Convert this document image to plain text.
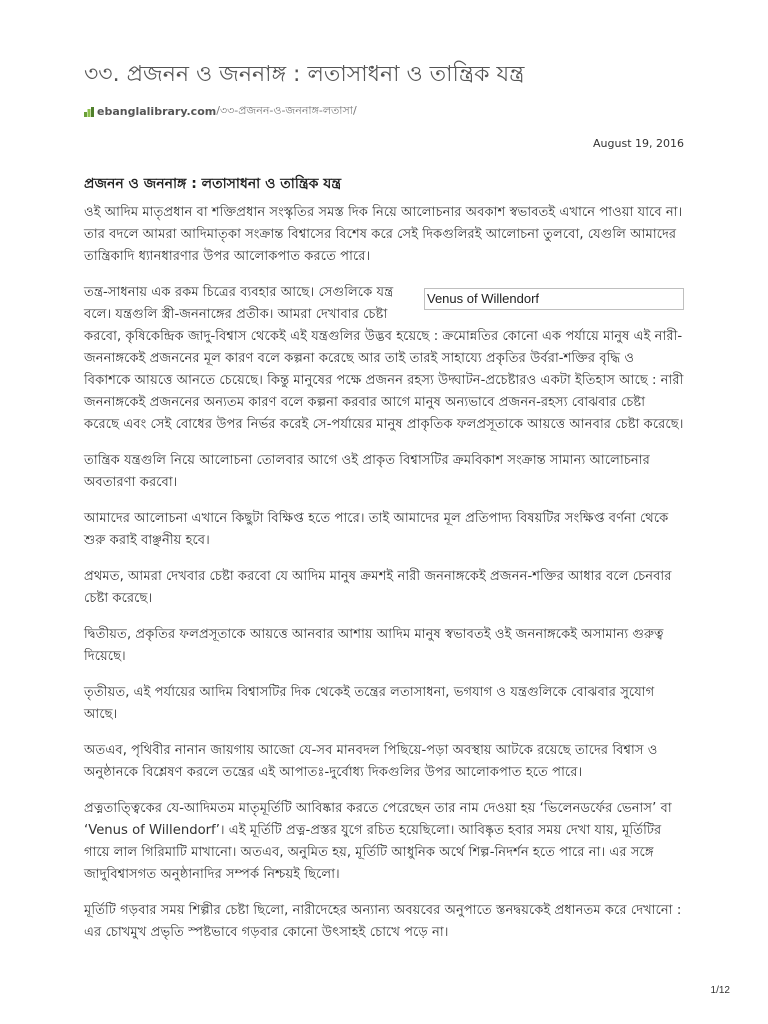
৩৩. প্রজনন ও জননাঙ্গ : লতাসাধনা ও তান্ত্রিক যন্ত্র
ebanglalibrary.com /৩৩-প্রজনন-ও-জননাঙ্গ-লতাসা/
August 19, 2016
প্রজনন ও জননাঙ্গ : লতাসাধনা ও তান্ত্রিক যন্ত্র

ওই আদিম মাতৃপ্রধান বা শক্তিপ্রধান সংস্কৃতির সমস্ত দিক নিয়ে আলোচনার অবকাশ স্বভাবতই এখানে পাওয়া যাবে না। তার বদলে আমরা আদিমাতৃকা সংক্রান্ত বিশ্বাসের বিশেষ করে সেই দিকগুলিরই আলোচনা তুলবো, যেগুলি আমাদের তান্ত্রিকাদি ধ্যানধারণার উপর আলোকপাত করতে পারে।

Venus of Willendorf
তন্ত্র-সাধনায় এক রকম চিত্রের ব্যবহার আছে। সেগুলিকে যন্ত্র বলে। যন্ত্রগুলি স্ত্রী-জননাঙ্গের প্রতীক। আমরা দেখাবার চেষ্টা করবো, কৃষিকেন্দ্রিক জাদু-বিশ্বাস থেকেই এই যন্ত্রগুলির উদ্ভব হয়েছে : ক্রমোন্নতির কোনো এক পর্যায়ে মানুষ এই নারী-জননাঙ্গকেই প্রজননের মূল কারণ বলে কল্পনা করেছে আর তাই তারই সাহায্যে প্রকৃতির উর্বরা-শক্তির বৃদ্ধি ও বিকাশকে আয়ত্তে আনতে চেয়েছে। কিন্তু মানুষের পক্ষে প্রজনন রহস্য উদ্ঘাটন-প্রচেষ্টারও একটা ইতিহাস আছে : নারী জননাঙ্গকেই প্রজননের অন্যতম কারণ বলে কল্পনা করবার আগে মানুষ অন্যভাবে প্রজনন-রহস্য বোঝবার চেষ্টা করেছে এবং সেই বোধের উপর নির্ভর করেই সে-পর্যায়ের মানুষ প্রাকৃতিক ফলপ্রসূতাকে আয়ত্তে আনবার চেষ্টা করেছে।

তান্ত্রিক যন্ত্রগুলি নিয়ে আলোচনা তোলবার আগে ওই প্রাকৃত বিশ্বাসটির ক্রমবিকাশ সংক্রান্ত সামান্য আলোচনার অবতারণা করবো।

আমাদের আলোচনা এখানে কিছুটা বিক্ষিপ্ত হতে পারে। তাই আমাদের মূল প্রতিপাদ্য বিষয়টির সংক্ষিপ্ত বর্ণনা থেকে শুরু করাই বাঞ্ছনীয় হবে।

প্রথমত, আমরা দেখবার চেষ্টা করবো যে আদিম মানুষ ক্রমশই নারী জননাঙ্গকেই প্রজনন-শক্তির আধার বলে চেনবার চেষ্টা করেছে।

দ্বিতীয়ত, প্রকৃতির ফলপ্রসূতাকে আয়ত্তে আনবার আশায় আদিম মানুষ স্বভাবতই ওই জননাঙ্গকেই অসামান্য গুরুত্ব দিয়েছে।

তৃতীয়ত, এই পর্যায়ের আদিম বিশ্বাসটির দিক থেকেই তন্ত্রের লতাসাধনা, ভগযাগ ও যন্ত্রগুলিকে বোঝবার সুযোগ আছে।

অতএব, পৃথিবীর নানান জায়গায় আজো যে-সব মানবদল পিছিয়ে-পড়া অবস্থায় আটকে রয়েছে তাদের বিশ্বাস ও অনুষ্ঠানকে বিশ্লেষণ করলে তন্ত্রের এই আপাতঃ-দুর্বোধ্য দিকগুলির উপর আলোকপাত হতে পারে।

প্রত্নতাত্ত্বিকের যে-আদিমতম মাতৃমূর্তিটি আবিষ্কার করতে পেরেছেন তার নাম দেওয়া হয় ‘ভিলেনডর্ফের ভেনাস’ বা ‘Venus of Willendorf’। এই মূর্তিটি প্রত্ন-প্রস্তর যুগে রচিত হয়েছিলো। আবিষ্কৃত হবার সময় দেখা যায়, মূর্তিটির গায়ে লাল গিরিমাটি মাখানো। অতএব, অনুমিত হয়, মূর্তিটি আধুনিক অর্থে শিল্প-নিদর্শন হতে পারে না। এর সঙ্গে জাদুবিশ্বাসগত অনুষ্ঠানাদির সম্পর্ক নিশ্চয়ই ছিলো।

মূর্তিটি গড়বার সময় শিল্পীর চেষ্টা ছিলো, নারীদেহের অন্যান্য অবয়বের অনুপাতে স্তনদ্বয়কেই প্রধানতম করে দেখানো : এর চোখমুখ প্রভৃতি স্পষ্টভাবে গড়বার কোনো উৎসাহই চোখে পড়ে না।

1/12
